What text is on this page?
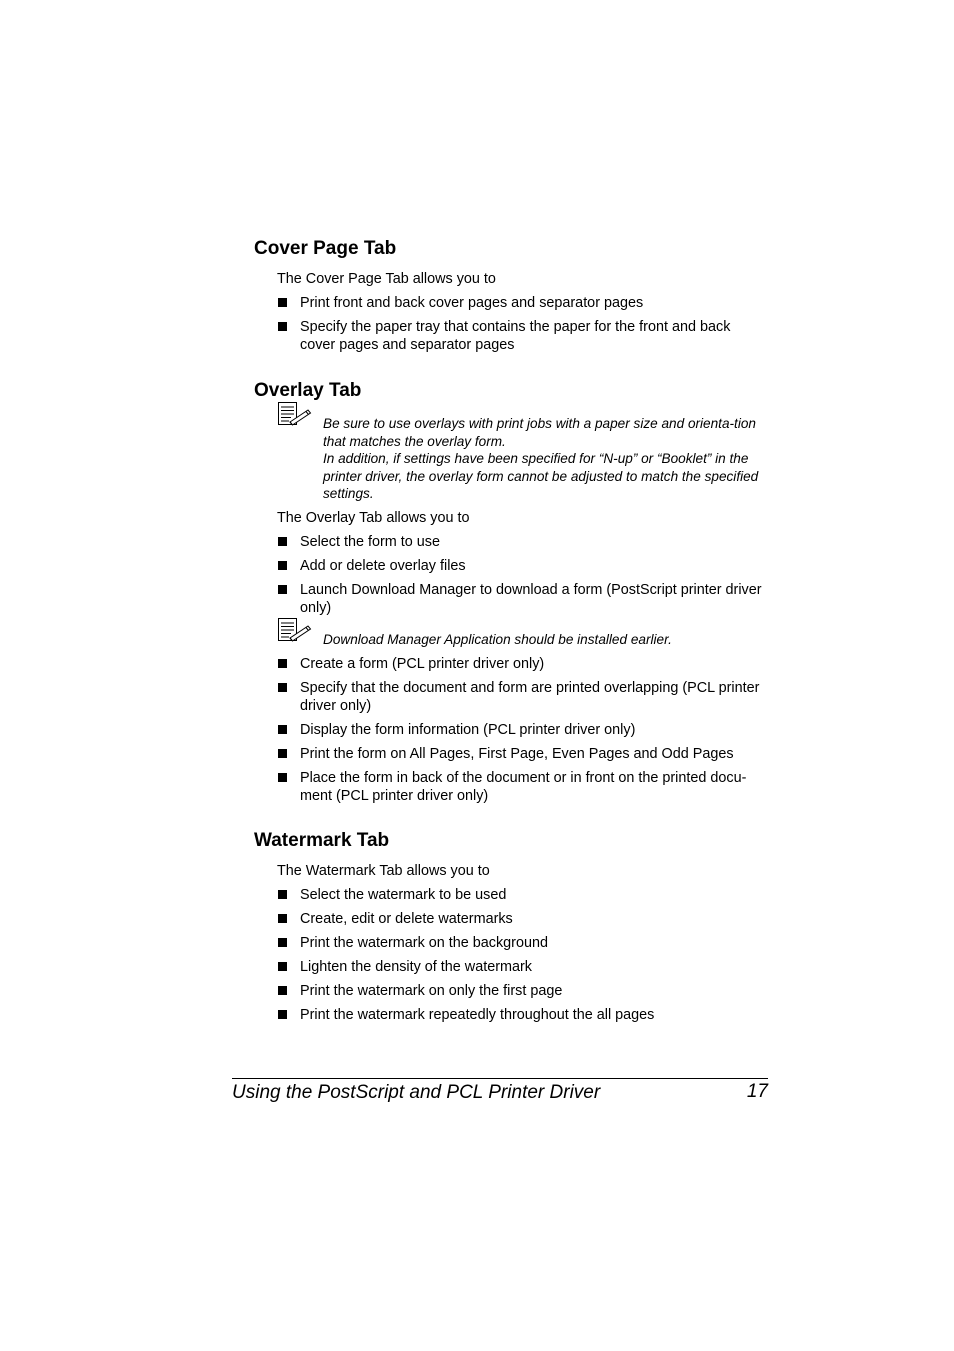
Cover Page Tab

The Cover Page Tab allows you to

Print front and back cover pages and separator pages
Specify the paper tray that contains the paper for the front and back cover pages and separator pages
Overlay Tab

Be sure to use overlays with print jobs with a paper size and orienta-tion that matches the overlay form.

In addition, if settings have been specified for “N-up” or “Booklet” in the printer driver, the overlay form cannot be adjusted to match the specified settings.

The Overlay Tab allows you to

Select the form to use
Add or delete overlay files
Launch Download Manager to download a form (PostScript printer driver only)

Download Manager Application should be installed earlier.

Create a form (PCL printer driver only)
Specify that the document and form are printed overlapping (PCL printer driver only)
Display the form information (PCL printer driver only)
Print the form on All Pages, First Page, Even Pages and Odd Pages
Place the form in back of the document or in front on the printed docu-ment (PCL printer driver only)
Watermark Tab

The Watermark Tab allows you to

Select the watermark to be used
Create, edit or delete watermarks
Print the watermark on the background
Lighten the density of the watermark
Print the watermark on only the first page
Print the watermark repeatedly throughout the all pages
Using the PostScript and PCL Printer Driver	17
